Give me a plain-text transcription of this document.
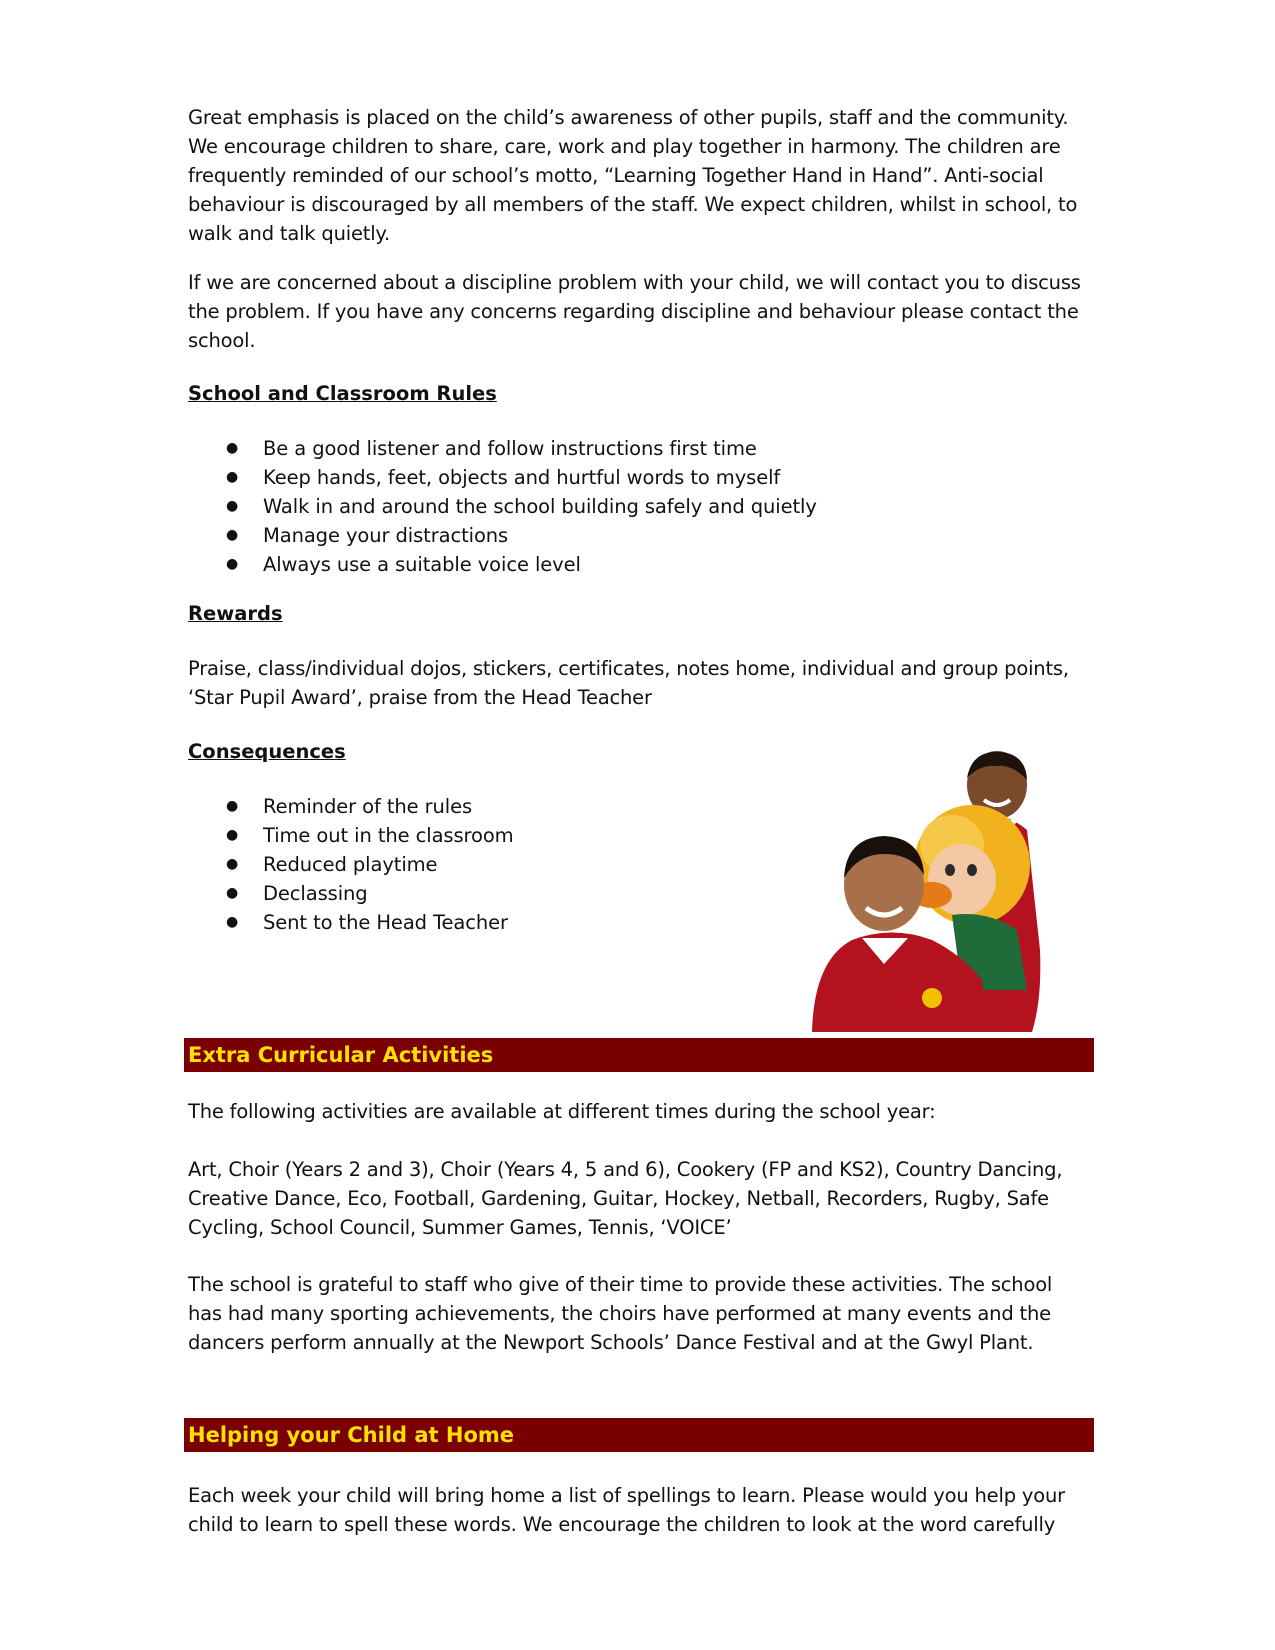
Great emphasis is placed on the child’s awareness of other pupils, staff and the community. We encourage children to share, care, work and play together in harmony. The children are frequently reminded of our school’s motto, “Learning Together Hand in Hand”. Anti-social behaviour is discouraged by all members of the staff. We expect children, whilst in school, to walk and talk quietly.

If we are concerned about a discipline problem with your child, we will contact you to discuss the problem. If you have any concerns regarding discipline and behaviour please contact the school.

School and Classroom Rules
● Be a good listener and follow instructions first time
● Keep hands, feet, objects and hurtful words to myself
● Walk in and around the school building safely and quietly
● Manage your distractions
● Always use a suitable voice level
Rewards

Praise, class/individual dojos, stickers, certificates, notes home, individual and group points, ‘Star Pupil Award’, praise from the Head Teacher

Consequences
● Reminder of the rules
● Time out in the classroom
● Reduced playtime
● Declassing
● Sent to the Head Teacher
Extra Curricular Activities

The following activities are available at different times during the school year:

Art, Choir (Years 2 and 3), Choir (Years 4, 5 and 6), Cookery (FP and KS2), Country Dancing, Creative Dance, Eco, Football, Gardening, Guitar, Hockey, Netball, Recorders, Rugby, Safe Cycling, School Council, Summer Games, Tennis, ‘VOICE’

The school is grateful to staff who give of their time to provide these activities. The school has had many sporting achievements, the choirs have performed at many events and the dancers perform annually at the Newport Schools’ Dance Festival and at the Gwyl Plant.

Helping your Child at Home

Each week your child will bring home a list of spellings to learn. Please would you help your child to learn to spell these words. We encourage the children to look at the word carefully
